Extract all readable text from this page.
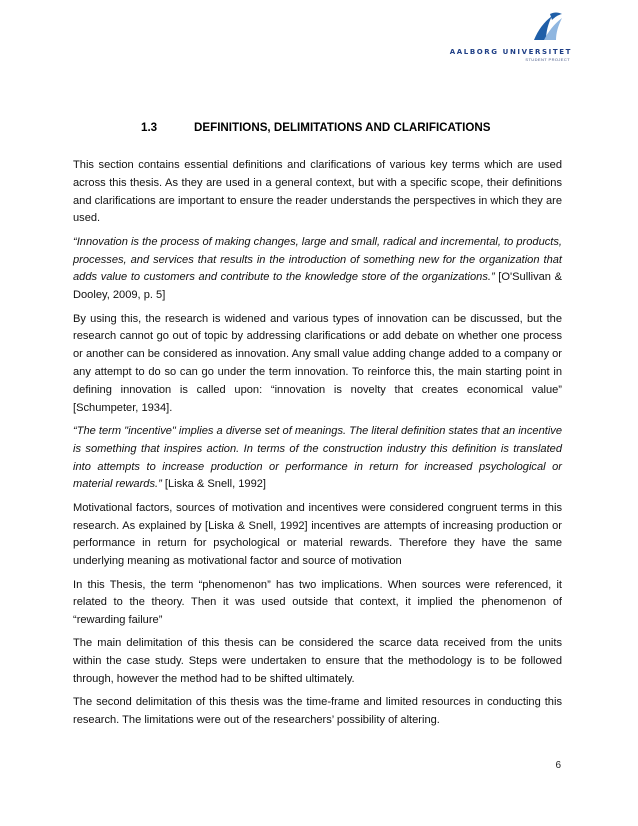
AALBORG UNIVERSITET
STUDENT PROJECT
1.3	DEFINITIONS, DELIMITATIONS AND CLARIFICATIONS

This section contains essential definitions and clarifications of various key terms which are used across this thesis. As they are used in a general context, but with a specific scope, their definitions and clarifications are important to ensure the reader understands the perspectives in which they are used.

“Innovation is the process of making changes, large and small, radical and incremental, to products, processes, and services that results in the introduction of something new for the organization that adds value to customers and contribute to the knowledge store of the organizations.” [O'Sullivan & Dooley, 2009, p. 5]

By using this, the research is widened and various types of innovation can be discussed, but the research cannot go out of topic by addressing clarifications or add debate on whether one process or another can be considered as innovation. Any small value adding change added to a company or any attempt to do so can go under the term innovation. To reinforce this, the main starting point in defining innovation is called upon: “innovation is novelty that creates economical value” [Schumpeter, 1934].

“The term "incentive" implies a diverse set of meanings. The literal definition states that an incentive is something that inspires action. In terms of the construction industry this definition is translated into attempts to increase production or performance in return for increased psychological or material rewards.” [Liska & Snell, 1992]

Motivational factors, sources of motivation and incentives were considered congruent terms in this research. As explained by [Liska & Snell, 1992] incentives are attempts of increasing production or performance in return for psychological or material rewards. Therefore they have the same underlying meaning as motivational factor and source of motivation

In this Thesis, the term “phenomenon” has two implications. When sources were referenced, it related to the theory. Then it was used outside that context, it implied the phenomenon of “rewarding failure”

The main delimitation of this thesis can be considered the scarce data received from the units within the case study. Steps were undertaken to ensure that the methodology is to be followed through, however the method had to be shifted ultimately.

The second delimitation of this thesis was the time-frame and limited resources in conducting this research. The limitations were out of the researchers’ possibility of altering.

6
